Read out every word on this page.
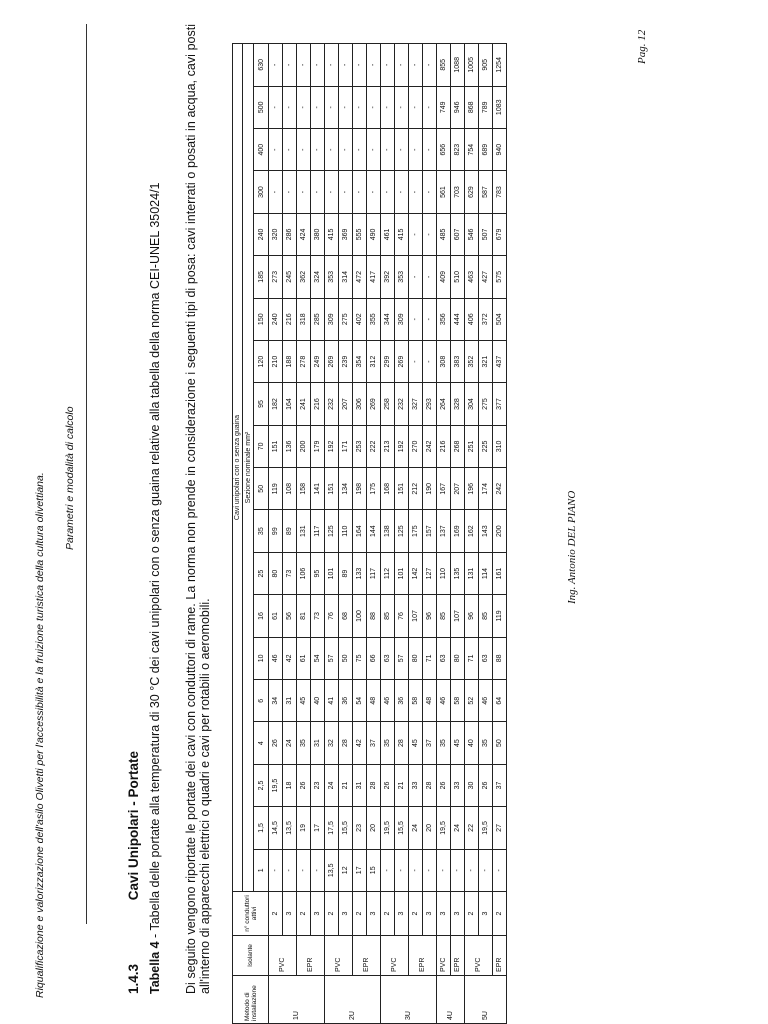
Riqualificazione e valorizzazione dell'asilo Olivetti per l'accessibilità e la fruizione turistica della cultura olivettiana. Parametri e modalità di calcolo
1.4.3 Cavi Unipolari - Portate
Tabella 4 - Tabella delle portate alla temperatura di 30 °C dei cavi unipolari con o senza guaina relative alla tabella della norma CEI-UNEL 35024/1 Di seguito vengono riportate le portate dei cavi con conduttori di rame. La norma non prende in considerazione i seguenti tipi di posa: cavi interrati o posati in acqua, cavi posti all'interno di apparecchi elettrici o quadri e cavi per rotabili o aeromobili.
Metodo di installazione	Isolante	n° conduttori attivi	Cavi unipolari con o senza guaina																			
			Sezione nominale mm²																			
			1	1,5	2,5	4	6	10	16	25	35	50	70	95	120	150	185	240	300	400	500	630
1U	PVC	2	-	14,5	19,5	26	34	46	61	80	99	119	151	182	210	240	273	320	-	-	-	-
		3	-	13,5	18	24	31	42	56	73	89	108	136	164	188	216	245	286	-	-	-	-
	EPR	2	-	19	26	35	45	61	81	106	131	158	200	241	278	318	362	424	-	-	-	-
		3	-	17	23	31	40	54	73	95	117	141	179	216	249	285	324	380	-	-	-	-
2U	PVC	2	13,5	17,5	24	32	41	57	76	101	125	151	192	232	269	309	353	415	-	-	-	-
		3	12	15,5	21	28	36	50	68	89	110	134	171	207	239	275	314	369	-	-	-	-
	EPR	2	17	23	31	42	54	75	100	133	164	198	253	306	354	402	472	555	-	-	-	-
		3	15	20	28	37	48	66	88	117	144	175	222	269	312	355	417	490	-	-	-	-
3U	PVC	2	-	19,5	26	35	46	63	85	112	138	168	213	258	299	344	392	461	-	-	-	-
		3	-	15,5	21	28	36	57	76	101	125	151	192	232	269	309	353	415	-	-	-	-
	EPR	2	-	24	33	45	58	80	107	142	175	212	270	327	-	-	-	-	-	-	-	-
		3	-	20	28	37	48	71	96	127	157	190	242	293	-	-	-	-	-	-	-	-
4U	PVC	3	-	19,5	26	35	46	63	85	110	137	167	216	264	308	356	409	485	561	656	749	855
	EPR	3	-	24	33	45	58	80	107	135	169	207	268	328	383	444	510	607	703	823	946	1088
5U	PVC	2	-	22	30	40	52	71	96	131	162	196	251	304	352	406	463	546	629	754	868	1005
		3	-	19,5	26	35	46	63	85	114	143	174	225	275	321	372	427	507	587	689	789	905
	EPR	2	-	27	37	50	64	88	119	161	200	242	310	377	437	504	575	679	783	940	1083	1254
Ing. Antonio DEL PIANO
Pag. 12
